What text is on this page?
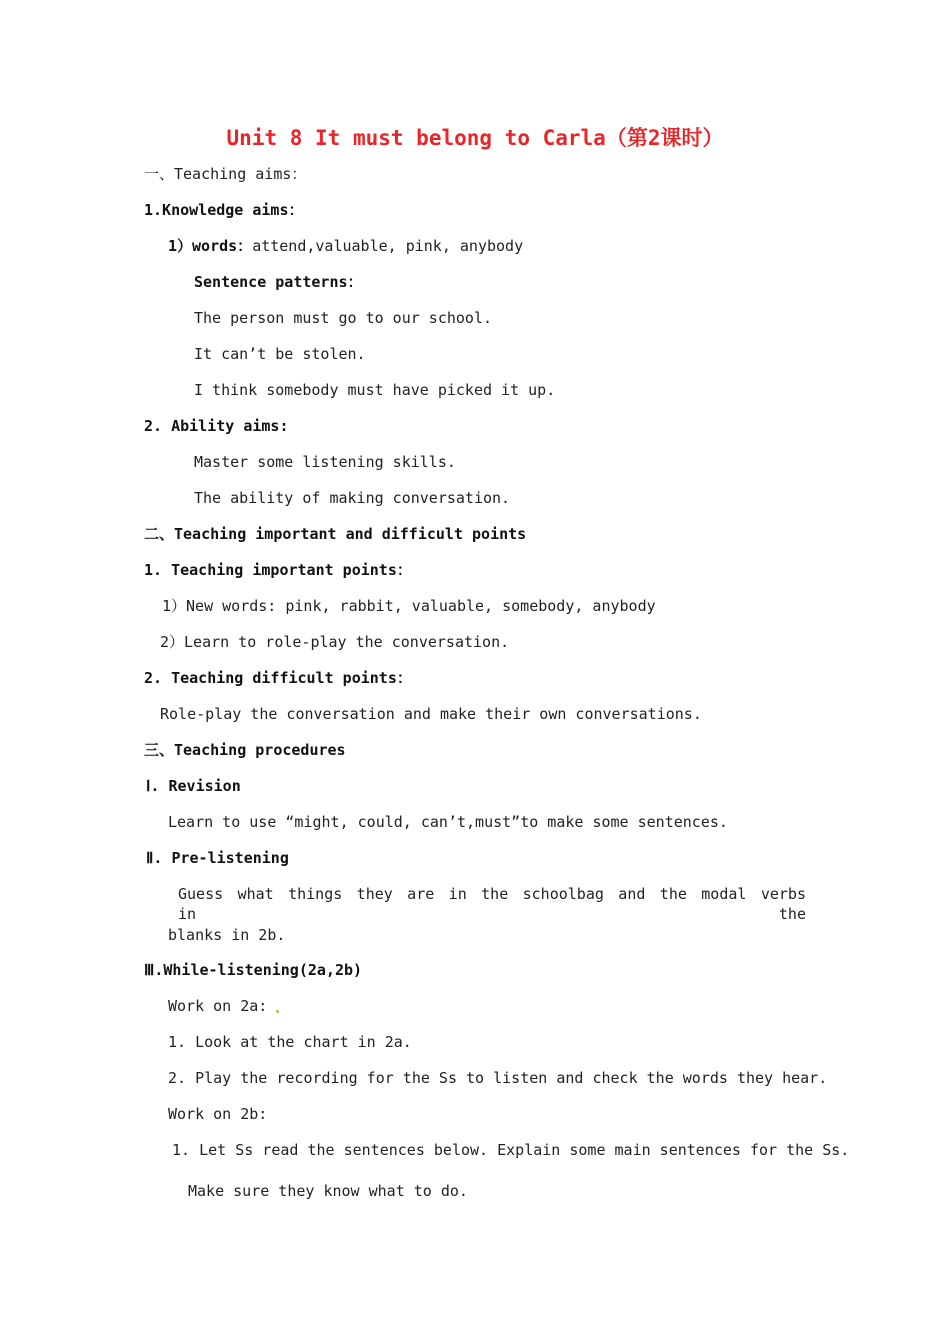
Unit 8 It must belong to Carla（第2课时）
一、Teaching aims：
1.Knowledge aims：
1）words：attend,valuable, pink, anybody
Sentence patterns：
The person must go to our school.
It can’t be stolen.
I think somebody must have picked it up.
2. Ability aims:
Master some listening skills.
The ability of making conversation.
二、Teaching important and difficult points
1. Teaching important points：
1）New words: pink, rabbit, valuable, somebody, anybody
2）Learn to role-play the conversation.
2. Teaching difficult points：
Role-play the conversation and make their own conversations.
三、Teaching procedures
Ⅰ. Revision
Learn to use “might, could, can’t,must”to make some sentences.
Ⅱ. Pre-listening
Guess what things they are in the schoolbag and the modal verbs in the
blanks in 2b.
Ⅲ.While-listening(2a,2b)
Work on 2a:
1. Look at the chart in 2a.
2. Play the recording for the Ss to listen and check the words they hear.
Work on 2b:
1. Let Ss read the sentences below. Explain some main sentences for the Ss.
Make sure they know what to do.
